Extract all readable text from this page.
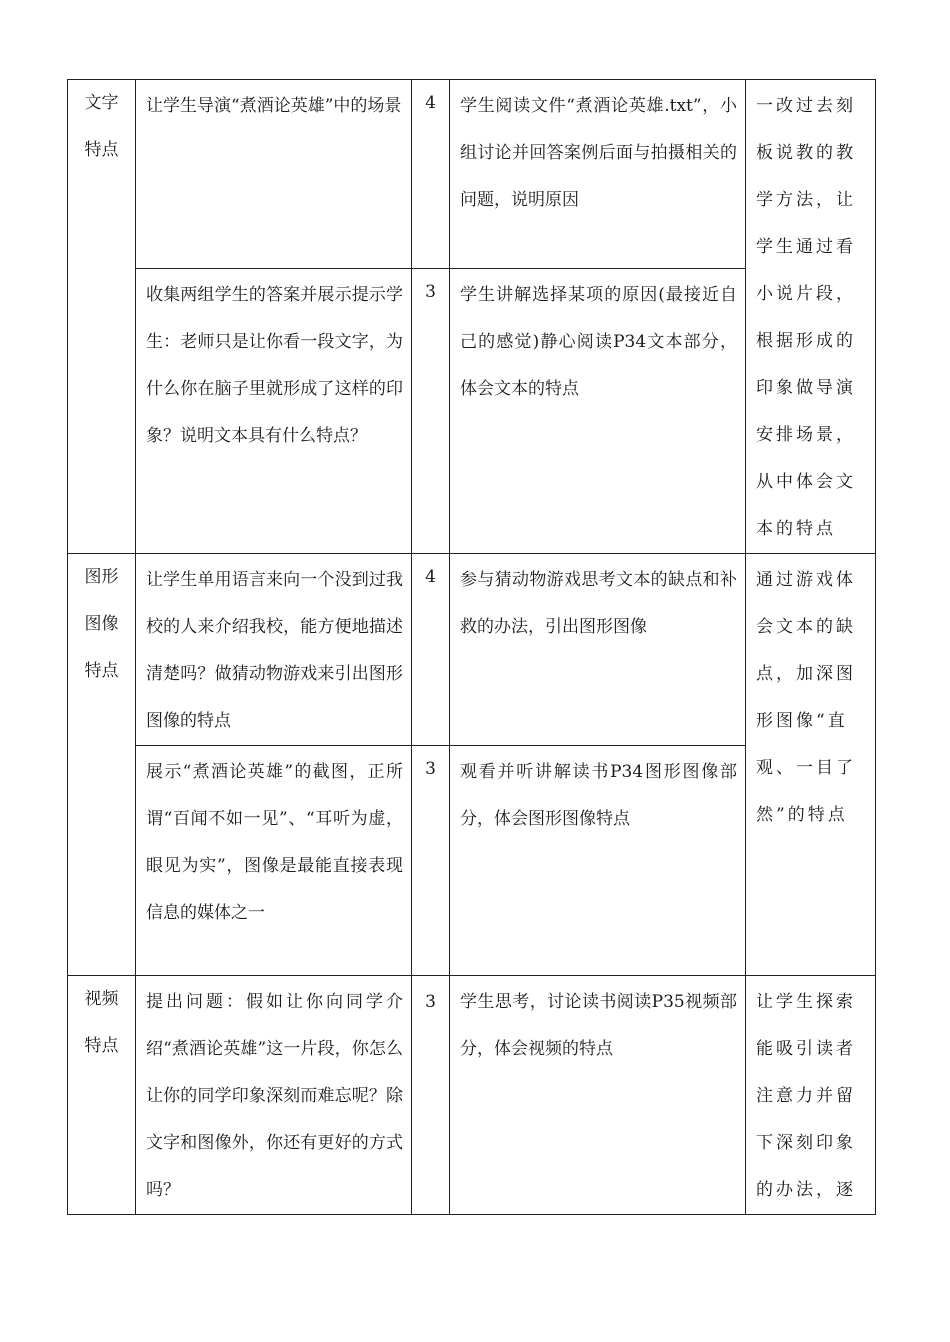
文字特点	让学生导演“煮酒论英雄”中的场景	4	学生阅读文件“煮酒论英雄.txt”，小组讨论并回答案例后面与拍摄相关的问题，说明原因	一改过去刻板说教的教学方法，让学生通过看小说片段，根据形成的印象做导演安排场景，从中体会文本的特点
	收集两组学生的答案并展示提示学生：老师只是让你看一段文字，为什么你在脑子里就形成了这样的印象？说明文本具有什么特点？	3	学生讲解选择某项的原因(最接近自己的感觉)静心阅读P34文本部分，体会文本的特点	

图形图像特点	让学生单用语言来向一个没到过我校的人来介绍我校，能方便地描述清楚吗？做猜动物游戏来引出图形图像的特点	4	参与猜动物游戏思考文本的缺点和补救的办法，引出图形图像	通过游戏体会文本的缺点，加深图形图像“直观、一目了然”的特点
	展示“煮酒论英雄”的截图，正所谓“百闻不如一见”、“耳听为虚，眼见为实”，图像是最能直接表现信息的媒体之一	3	观看并听讲解读书P34图形图像部分，体会图形图像特点	

视频特点	提出问题：假如让你向同学介绍“煮酒论英雄”这一片段，你怎么让你的同学印象深刻而难忘呢？除文字和图像外，你还有更好的方式吗？	3	学生思考，讨论读书阅读P35视频部分，体会视频的特点	让学生探索能吸引读者注意力并留下深刻印象的办法，逐
